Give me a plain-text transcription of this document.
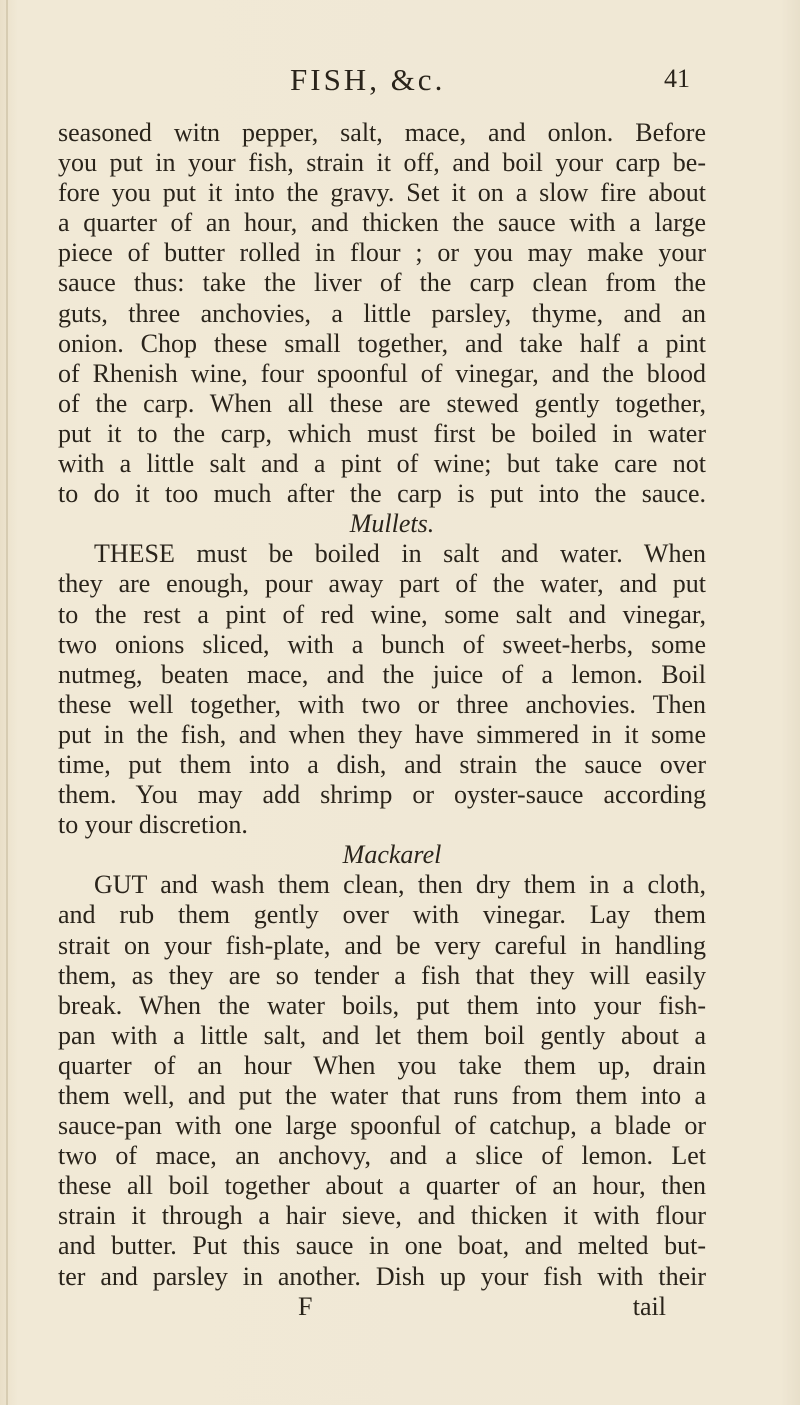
FISH, &c.	41
seasoned witn pepper, salt, mace, and onlon. Before
you put in your fish, strain it off, and boil your carp be-
fore you put it into the gravy. Set it on a slow fire about
a quarter of an hour, and thicken the sauce with a large
piece of butter rolled in flour ; or you may make your
sauce thus: take the liver of the carp clean from the
guts, three anchovies, a little parsley, thyme, and an
onion. Chop these small together, and take half a pint
of Rhenish wine, four spoonful of vinegar, and the blood
of the carp. When all these are stewed gently together,
put it to the carp, which must first be boiled in water
with a little salt and a pint of wine; but take care not
to do it too much after the carp is put into the sauce.
Mullets.
THESE must be boiled in salt and water. When
they are enough, pour away part of the water, and put
to the rest a pint of red wine, some salt and vinegar,
two onions sliced, with a bunch of sweet-herbs, some
nutmeg, beaten mace, and the juice of a lemon. Boil
these well together, with two or three anchovies. Then
put in the fish, and when they have simmered in it some
time, put them into a dish, and strain the sauce over
them. You may add shrimp or oyster-sauce according
to your discretion.
Mackarel
GUT and wash them clean, then dry them in a cloth,
and rub them gently over with vinegar. Lay them
strait on your fish-plate, and be very careful in handling
them, as they are so tender a fish that they will easily
break. When the water boils, put them into your fish-
pan with a little salt, and let them boil gently about a
quarter of an hour When you take them up, drain
them well, and put the water that runs from them into a
sauce-pan with one large spoonful of catchup, a blade or
two of mace, an anchovy, and a slice of lemon. Let
these all boil together about a quarter of an hour, then
strain it through a hair sieve, and thicken it with flour
and butter. Put this sauce in one boat, and melted but-
ter and parsley in another. Dish up your fish with their
F	tail
